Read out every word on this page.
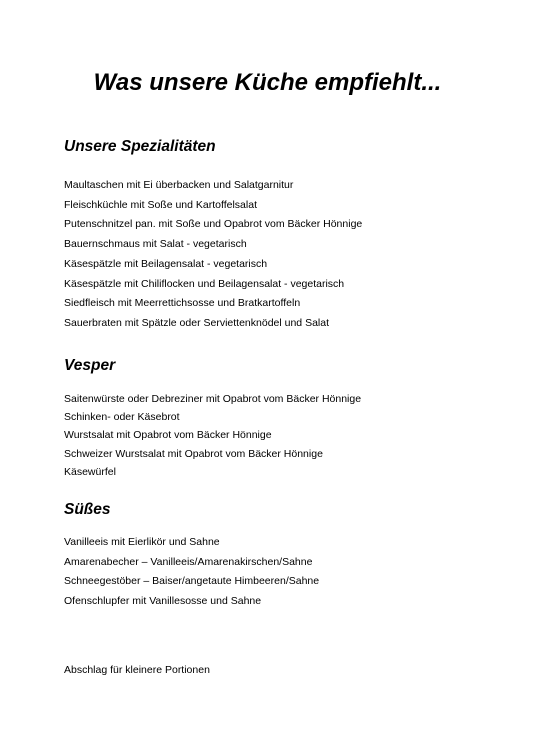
Was unsere Küche empfiehlt...
Unsere Spezialitäten
Maultaschen mit Ei überbacken und Salatgarnitur
Fleischküchle mit Soße und Kartoffelsalat
Putenschnitzel pan. mit Soße und Opabrot vom Bäcker Hönnige
Bauernschmaus mit Salat - vegetarisch
Käsespätzle mit Beilagensalat - vegetarisch
Käsespätzle mit Chiliflocken und Beilagensalat - vegetarisch
Siedfleisch mit Meerrettichsosse und Bratkartoffeln
Sauerbraten mit Spätzle oder Serviettenknödel und Salat
Vesper
Saitenwürste oder Debreziner mit Opabrot vom Bäcker Hönnige
Schinken- oder Käsebrot
Wurstsalat mit Opabrot vom Bäcker Hönnige
Schweizer Wurstsalat mit Opabrot vom Bäcker Hönnige
Käsewürfel
Süßes
Vanilleeis mit Eierlikör und Sahne
Amarenabecher – Vanilleeis/Amarenakirschen/Sahne
Schneegestöber – Baiser/angetaute Himbeeren/Sahne
Ofenschlupfer mit Vanillesosse und Sahne

Abschlag für kleinere Portionen
